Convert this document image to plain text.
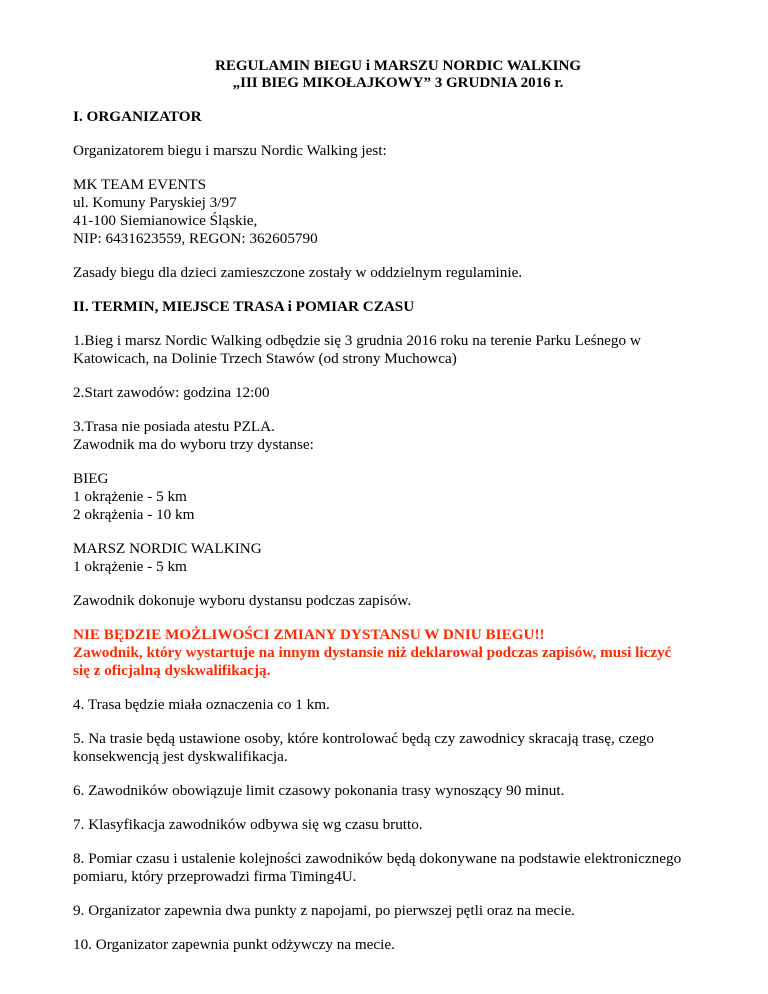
REGULAMIN BIEGU i MARSZU NORDIC WALKING
„III BIEG MIKOŁAJKOWY” 3 GRUDNIA 2016 r.
I. ORGANIZATOR

Organizatorem biegu i marszu Nordic Walking jest:

MK TEAM EVENTS
ul. Komuny Paryskiej 3/97
41-100 Siemianowice Śląskie,
NIP: 6431623559, REGON: 362605790

Zasady biegu dla dzieci zamieszczone zostały w oddzielnym regulaminie.

II. TERMIN, MIEJSCE TRASA i POMIAR CZASU

1.Bieg i marsz Nordic Walking odbędzie się 3 grudnia 2016 roku na terenie Parku Leśnego w
Katowicach, na Dolinie Trzech Stawów (od strony Muchowca)

2.Start zawodów: godzina 12:00

3.Trasa nie posiada atestu PZLA.
Zawodnik ma do wyboru trzy dystanse:

BIEG
1 okrążenie - 5 km
2 okrążenia - 10 km

MARSZ NORDIC WALKING
1 okrążenie - 5 km

Zawodnik dokonuje wyboru dystansu podczas zapisów.

NIE BĘDZIE MOŻLIWOŚCI ZMIANY DYSTANSU W DNIU BIEGU!!
Zawodnik, który wystartuje na innym dystansie niż deklarował podczas zapisów, musi liczyć
się z oficjalną dyskwalifikacją.

4. Trasa będzie miała oznaczenia co 1 km.

5. Na trasie będą ustawione osoby, które kontrolować będą czy zawodnicy skracają trasę, czego
konsekwencją jest dyskwalifikacja.

6. Zawodników obowiązuje limit czasowy pokonania trasy wynoszący 90 minut.

7. Klasyfikacja zawodników odbywa się wg czasu brutto.

8. Pomiar czasu i ustalenie kolejności zawodników będą dokonywane na podstawie elektronicznego
pomiaru, który przeprowadzi firma Timing4U.

9. Organizator zapewnia dwa punkty z napojami, po pierwszej pętli oraz na mecie.

10. Organizator zapewnia punkt odżywczy na mecie.
